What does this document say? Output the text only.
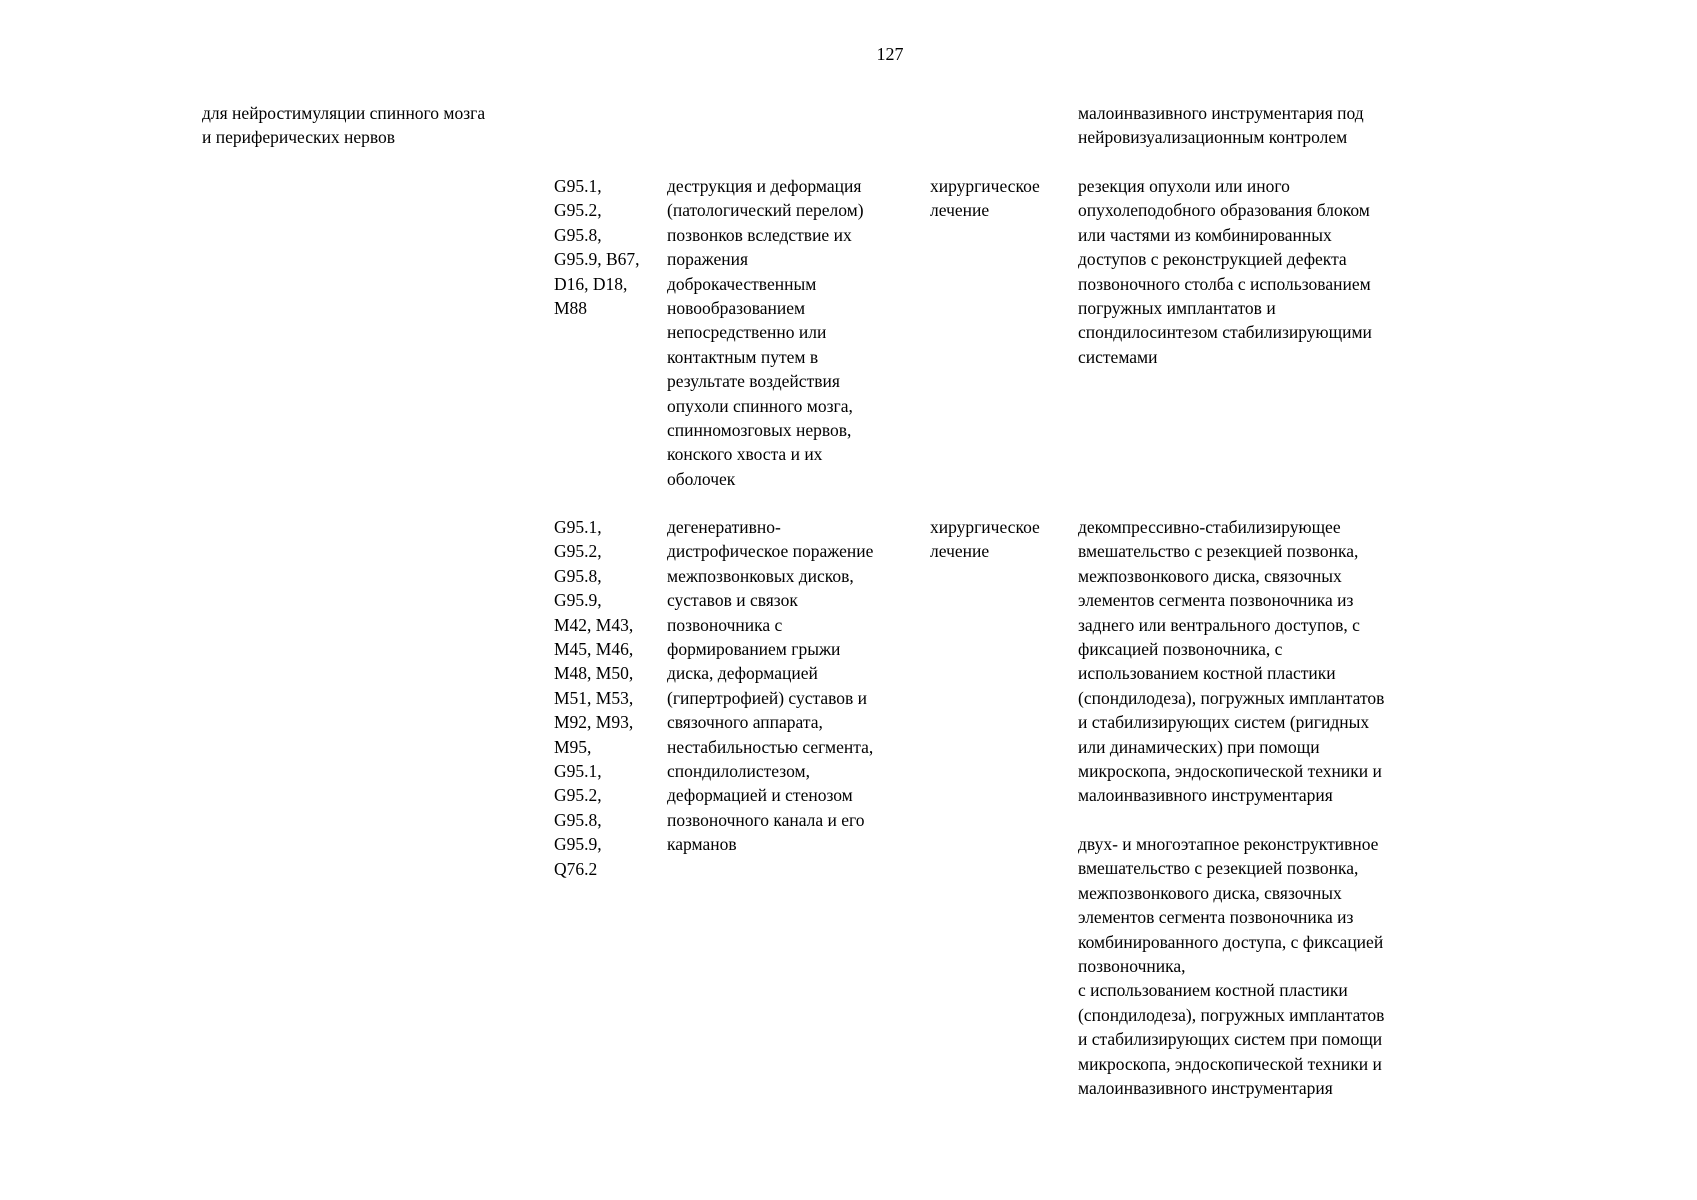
127
для нейростимуляции спинного мозга
и периферических нервов
малоинвазивного инструментария под
нейровизуализационным контролем
G95.1,
G95.2,
G95.8,
G95.9, B67,
D16, D18,
M88
деструкция и деформация
(патологический перелом)
позвонков вследствие их
поражения
доброкачественным
новообразованием
непосредственно или
контактным путем в
результате воздействия
опухоли спинного мозга,
спинномозговых нервов,
конского хвоста и их
оболочек
хирургическое
лечение
резекция опухоли или иного
опухолеподобного образования блоком
или частями из комбинированных
доступов с реконструкцией дефекта
позвоночного столба с использованием
погружных имплантатов и
спондилосинтезом стабилизирующими
системами
G95.1,
G95.2,
G95.8,
G95.9,
M42, M43,
M45, M46,
M48, M50,
M51, M53,
M92, M93,
M95,
G95.1,
G95.2,
G95.8,
G95.9,
Q76.2
дегенеративно-
дистрофическое поражение
межпозвонковых дисков,
суставов и связок
позвоночника с
формированием грыжи
диска, деформацией
(гипертрофией) суставов и
связочного аппарата,
нестабильностью сегмента,
спондилолистезом,
деформацией и стенозом
позвоночного канала и его
карманов
хирургическое
лечение
декомпрессивно-стабилизирующее
вмешательство с резекцией позвонка,
межпозвонкового диска, связочных
элементов сегмента позвоночника из
заднего или вентрального доступов, с
фиксацией позвоночника, с
использованием костной пластики
(спондилодеза), погружных имплантатов
и стабилизирующих систем (ригидных
или динамических) при помощи
микроскопа, эндоскопической техники и
малоинвазивного инструментария
двух- и многоэтапное реконструктивное
вмешательство с резекцией позвонка,
межпозвонкового диска, связочных
элементов сегмента позвоночника из
комбинированного доступа, с фиксацией
позвоночника,
с использованием костной пластики
(спондилодеза), погружных имплантатов
и стабилизирующих систем при помощи
микроскопа, эндоскопической техники и
малоинвазивного инструментария
